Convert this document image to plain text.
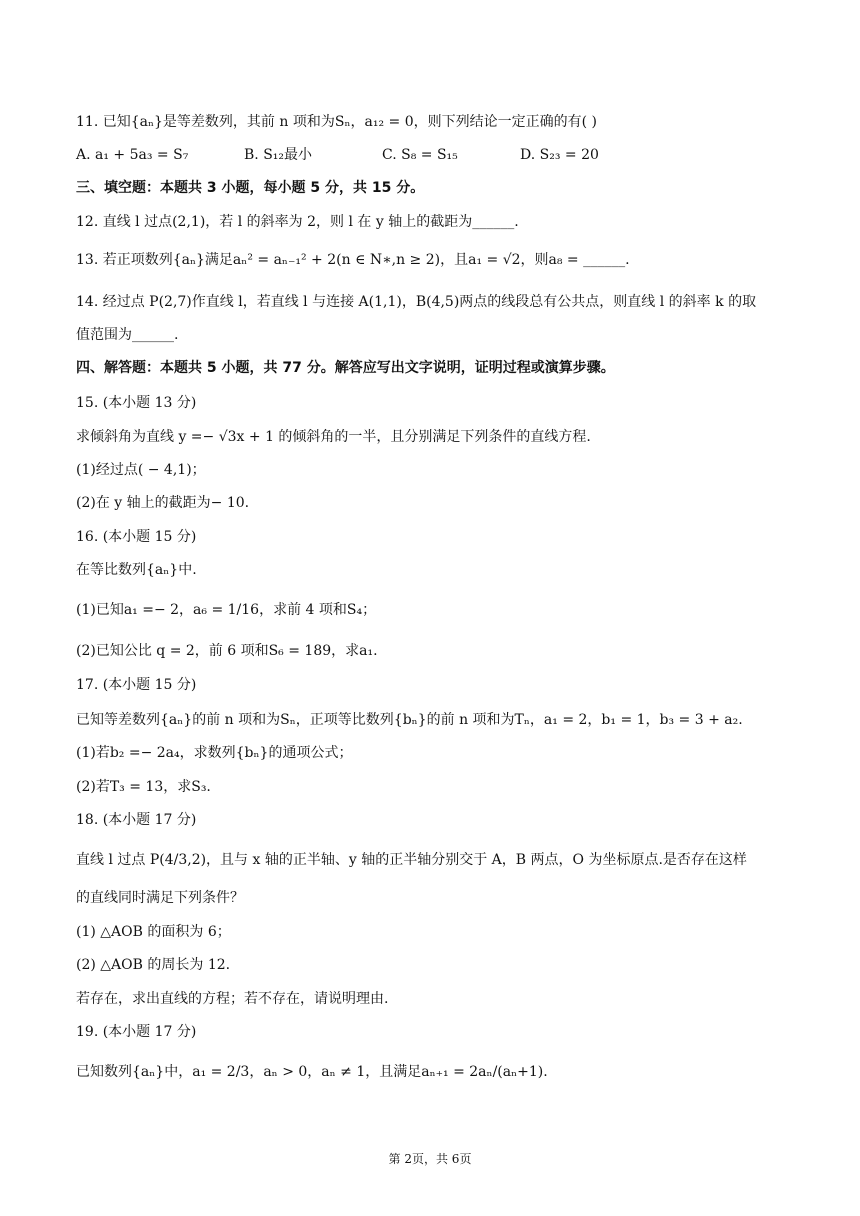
11. 已知{aₙ}是等差数列，其前 n 项和为Sₙ，a₁₂ = 0，则下列结论一定正确的有( )
A. a₁ + 5a₃ = S₇	B. S₁₂最小	C. S₈ = S₁₅	D. S₂₃ = 20
三、填空题：本题共 3 小题，每小题 5 分，共 15 分。
12. 直线 l 过点(2,1)，若 l 的斜率为 2，则 l 在 y 轴上的截距为______.
13. 若正项数列{aₙ}满足aₙ² = aₙ₋₁² + 2(n ∈ N∗,n ≥ 2)，且a₁ = √2，则a₈ = ______.
14. 经过点 P(2,7)作直线 l，若直线 l 与连接 A(1,1)，B(4,5)两点的线段总有公共点，则直线 l 的斜率 k 的取
值范围为______.
四、解答题：本题共 5 小题，共 77 分。解答应写出文字说明，证明过程或演算步骤。
15. (本小题 13 分)
求倾斜角为直线 y =− √3x + 1 的倾斜角的一半，且分别满足下列条件的直线方程.
(1)经过点( − 4,1)；
(2)在 y 轴上的截距为− 10.
16. (本小题 15 分)
在等比数列{aₙ}中.
(1)已知a₁ =− 2，a₆ = 1/16，求前 4 项和S₄；
(2)已知公比 q = 2，前 6 项和S₆ = 189，求a₁.
17. (本小题 15 分)
已知等差数列{aₙ}的前 n 项和为Sₙ，正项等比数列{bₙ}的前 n 项和为Tₙ，a₁ = 2，b₁ = 1，b₃ = 3 + a₂.
(1)若b₂ =− 2a₄，求数列{bₙ}的通项公式；
(2)若T₃ = 13，求S₃.
18. (本小题 17 分)
直线 l 过点 P(4/3,2)，且与 x 轴的正半轴、y 轴的正半轴分别交于 A，B 两点，O 为坐标原点.是否存在这样
的直线同时满足下列条件？
(1) △AOB 的面积为 6；
(2) △AOB 的周长为 12.
若存在，求出直线的方程；若不存在，请说明理由.
19. (本小题 17 分)
已知数列{aₙ}中，a₁ = 2/3，aₙ > 0，aₙ ≠ 1，且满足aₙ₊₁ = 2aₙ/(aₙ+1).
第 2页，共 6页
